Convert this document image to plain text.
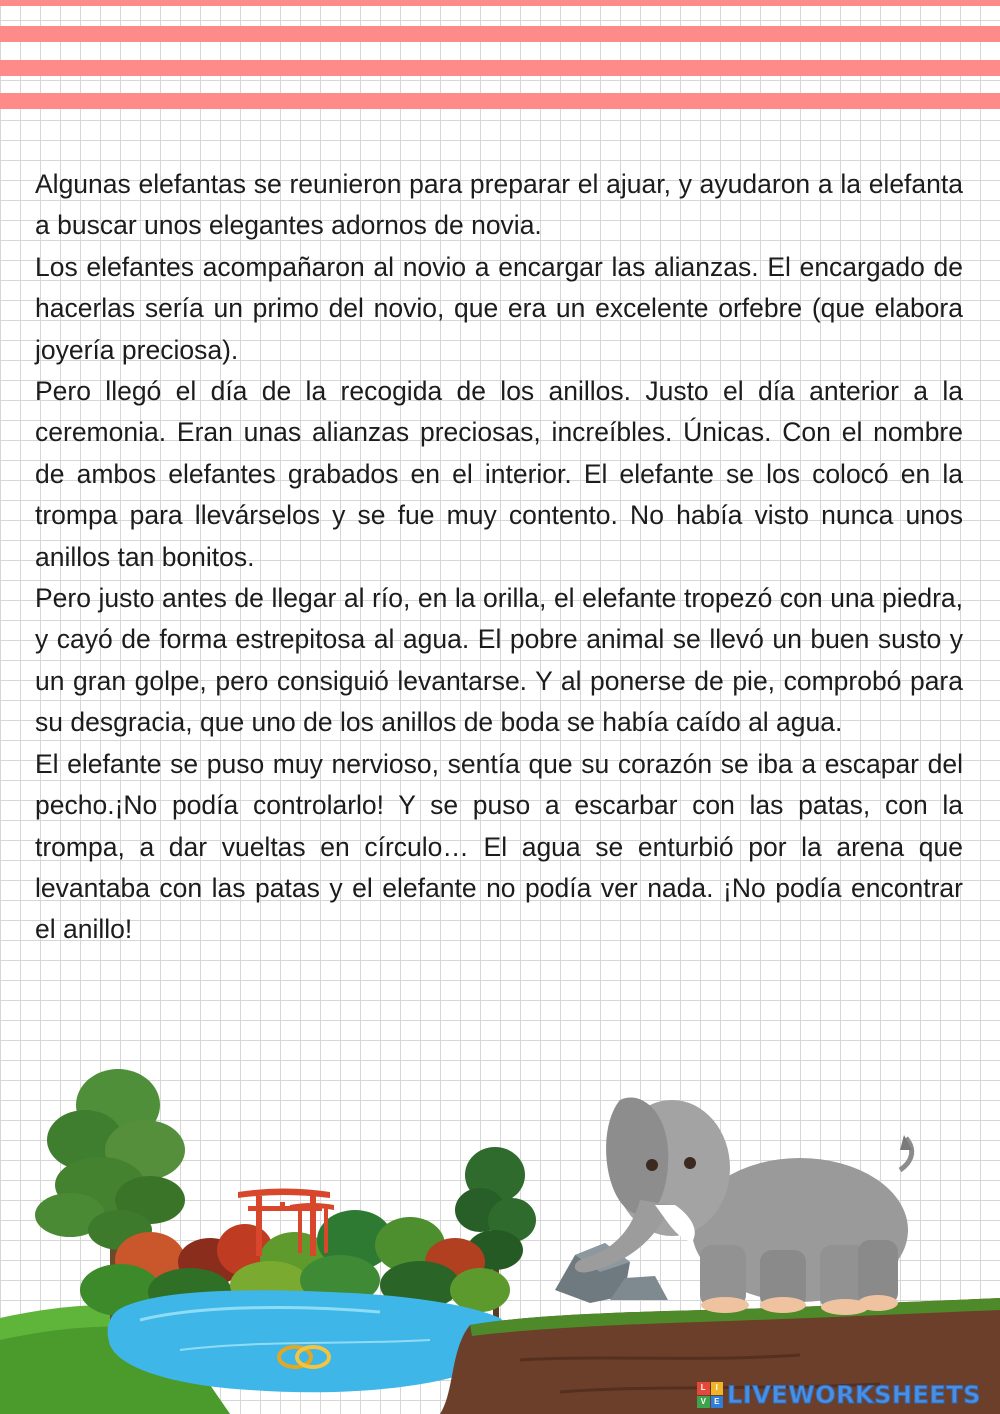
Algunas elefantas se reunieron para preparar el ajuar, y ayudaron a la elefanta a buscar unos elegantes adornos de novia.

Los elefantes acompañaron al novio a encargar las alianzas. El encargado de hacerlas sería un primo del novio, que era un excelente orfebre (que elabora joyería preciosa).

Pero llegó el día de la recogida de los anillos. Justo el día anterior a la ceremonia. Eran unas alianzas preciosas, increíbles. Únicas. Con el nombre de ambos elefantes grabados en el interior. El elefante se los colocó en la trompa para llevárselos y se fue muy contento. No había visto nunca unos anillos tan bonitos.

Pero justo antes de llegar al río, en la orilla, el elefante tropezó con una piedra, y cayó de forma estrepitosa al agua. El pobre animal se llevó un buen susto y un gran golpe, pero consiguió levantarse. Y al ponerse de pie, comprobó para su desgracia, que uno de los anillos de boda se había caído al agua.

El elefante se puso muy nervioso, sentía que su corazón se iba a escapar del pecho.¡No podía controlarlo! Y se puso a escarbar con las patas, con la trompa, a dar vueltas en círculo… El agua se enturbió por la arena que levantaba con las patas y el elefante no podía ver nada. ¡No podía encontrar el anillo!

L	I
V	E LIVEWORKSHEETS
